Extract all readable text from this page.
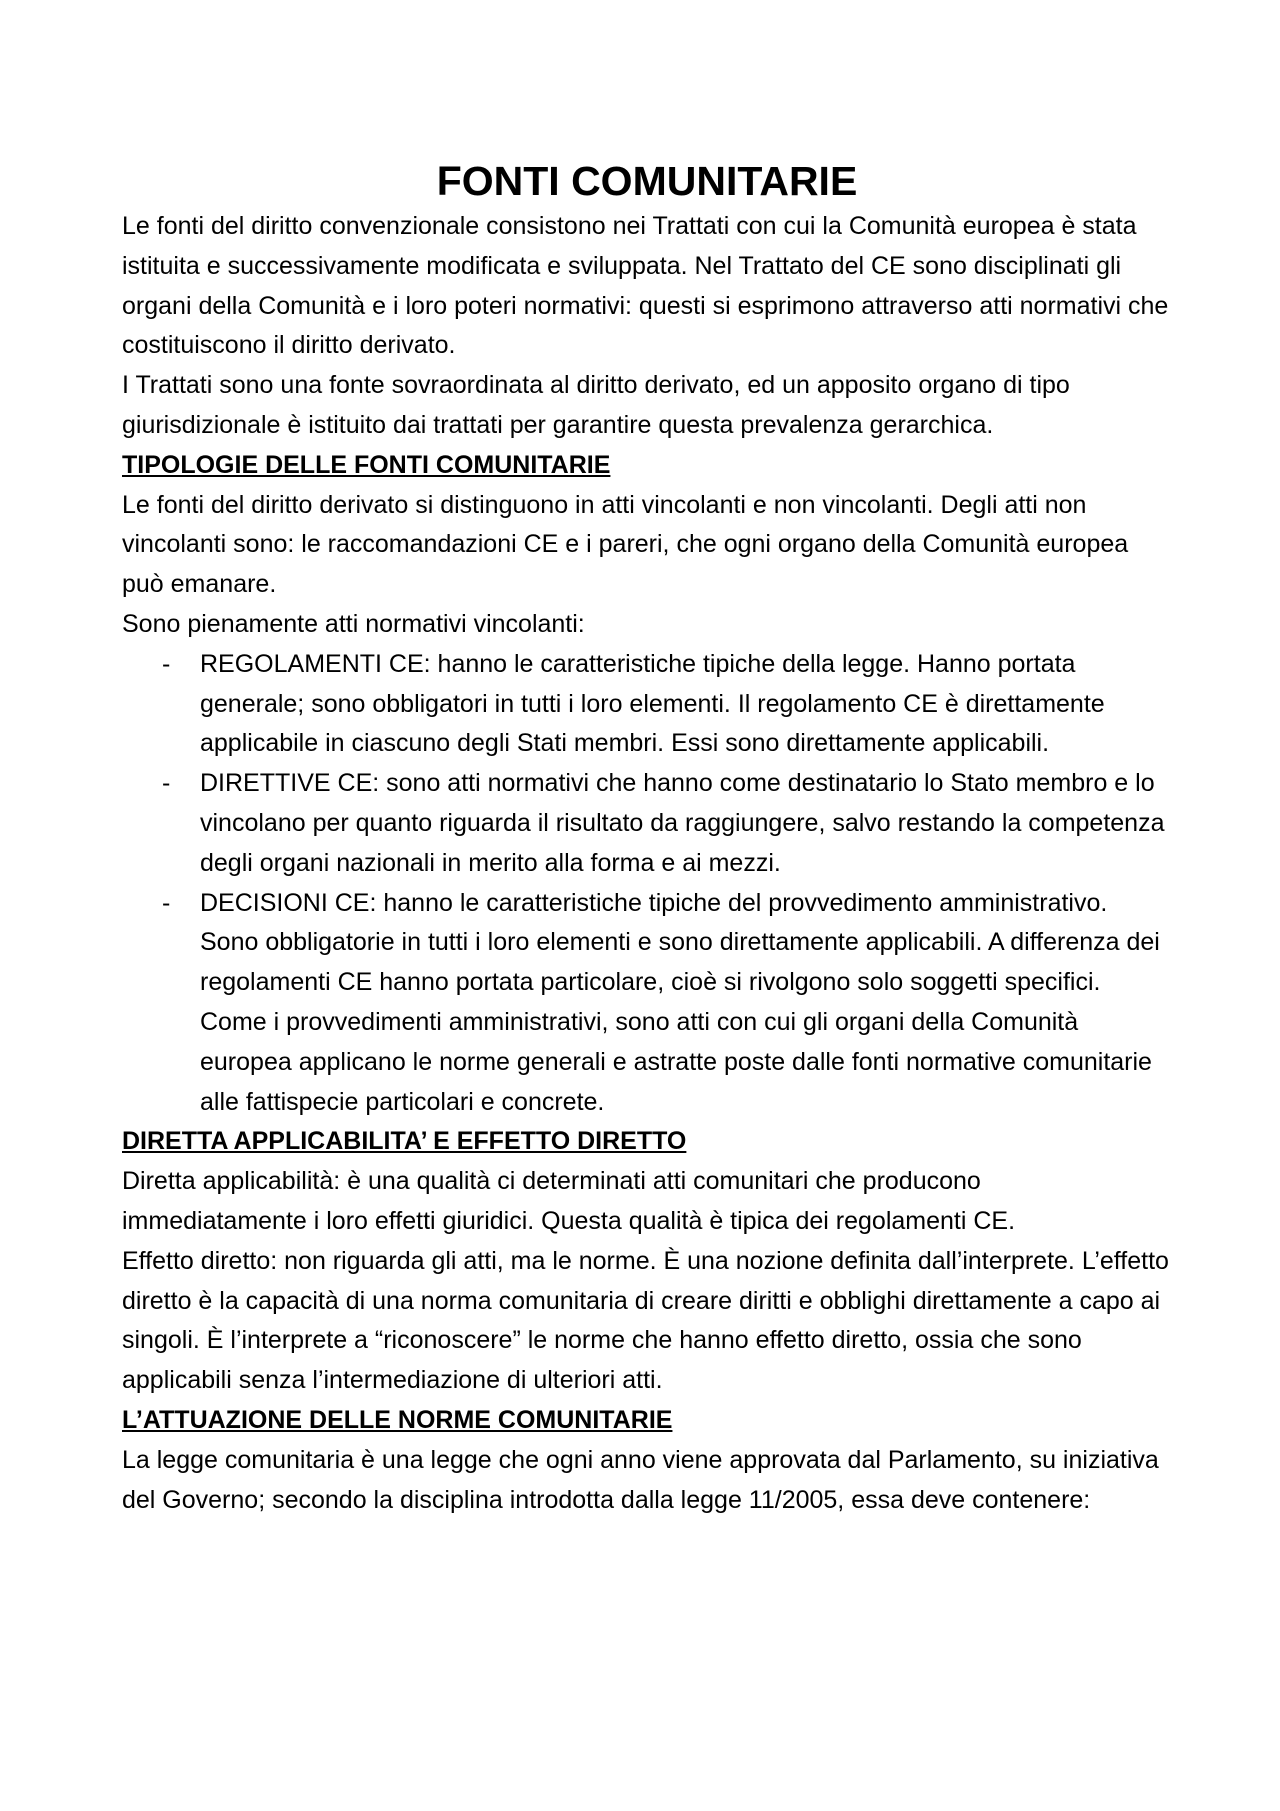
FONTI COMUNITARIE

Le fonti del diritto convenzionale consistono nei Trattati con cui la Comunità europea è stata istituita e successivamente modificata e sviluppata. Nel Trattato del CE sono disciplinati gli organi della Comunità e i loro poteri normativi: questi si esprimono attraverso atti normativi che costituiscono il diritto derivato.

I Trattati sono una fonte sovraordinata al diritto derivato, ed un apposito organo di tipo giurisdizionale è istituito dai trattati per garantire questa prevalenza gerarchica.

TIPOLOGIE DELLE FONTI COMUNITARIE

Le fonti del diritto derivato si distinguono in atti vincolanti e non vincolanti. Degli atti non vincolanti sono: le raccomandazioni CE e i pareri, che ogni organo della Comunità europea può emanare.

Sono pienamente atti normativi vincolanti:

- REGOLAMENTI CE: hanno le caratteristiche tipiche della legge. Hanno portata generale; sono obbligatori in tutti i loro elementi. Il regolamento CE è direttamente applicabile in ciascuno degli Stati membri. Essi sono direttamente applicabili.
- DIRETTIVE CE: sono atti normativi che hanno come destinatario lo Stato membro e lo vincolano per quanto riguarda il risultato da raggiungere, salvo restando la competenza degli organi nazionali in merito alla forma e ai mezzi.
- DECISIONI CE: hanno le caratteristiche tipiche del provvedimento amministrativo. Sono obbligatorie in tutti i loro elementi e sono direttamente applicabili. A differenza dei regolamenti CE hanno portata particolare, cioè si rivolgono solo soggetti specifici. Come i provvedimenti amministrativi, sono atti con cui gli organi della Comunità europea applicano le norme generali e astratte poste dalle fonti normative comunitarie alle fattispecie particolari e concrete.
DIRETTA APPLICABILITA’ E EFFETTO DIRETTO

Diretta applicabilità: è una qualità ci determinati atti comunitari che producono immediatamente i loro effetti giuridici. Questa qualità è tipica dei regolamenti CE.

Effetto diretto: non riguarda gli atti, ma le norme. È una nozione definita dall’interprete. L’effetto diretto è la capacità di una norma comunitaria di creare diritti e obblighi direttamente a capo ai singoli. È l’interprete a “riconoscere” le norme che hanno effetto diretto, ossia che sono applicabili senza l’intermediazione di ulteriori atti.

L’ATTUAZIONE DELLE NORME COMUNITARIE

La legge comunitaria è una legge che ogni anno viene approvata dal Parlamento, su iniziativa del Governo; secondo la disciplina introdotta dalla legge 11/2005, essa deve contenere:
